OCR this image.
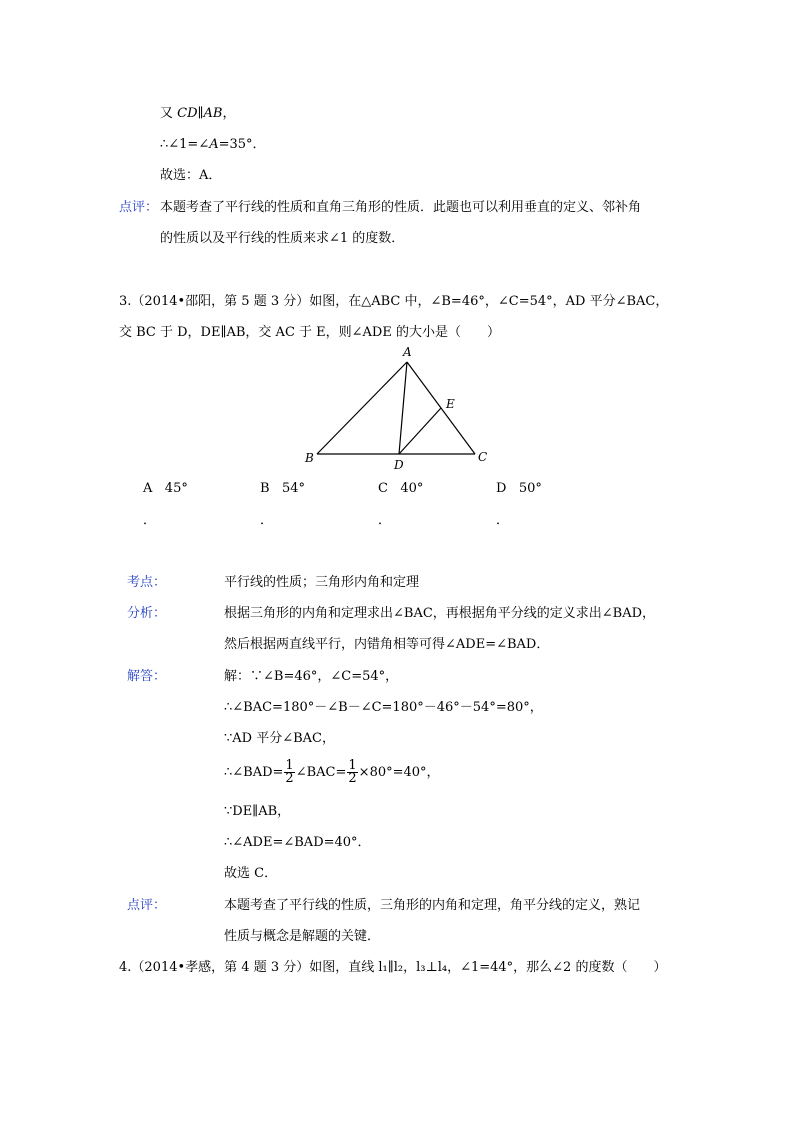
又 CD∥AB，
∴∠1=∠A=35°．
故选：A．
点评： 本题考查了平行线的性质和直角三角形的性质．此题也可以利用垂直的定义、邻补角
的性质以及平行线的性质来求∠1 的度数．
3.（2014•邵阳，第 5 题 3 分）如图，在△ABC 中，∠B=46°，∠C=54°，AD 平分∠BAC，
交 BC 于 D，DE∥AB，交 AC 于 E，则∠ADE 的大小是（　　）
A
B	C
D
E
A 45°	B 54°	C 40°	D 50°
．	．	．	．
考点：	平行线的性质；三角形内角和定理
分析：	根据三角形的内角和定理求出∠BAC，再根据角平分线的定义求出∠BAD，
然后根据两直线平行，内错角相等可得∠ADE=∠BAD．
解答：	解：∵∠B=46°，∠C=54°，
∴∠BAC=180°－∠B－∠C=180°－46°－54°=80°，
∵AD 平分∠BAC，
∴∠BAD= $\frac{1}{2}$ ∠BAC= $\frac{1}{2} \times 80^\circ=40^\circ$，
∵DE∥AB，
∴∠ADE=∠BAD=40°．
故选 C．
点评：	本题考查了平行线的性质，三角形的内角和定理，角平分线的定义，熟记
性质与概念是解题的关键．
4.（2014•孝感，第 4 题 3 分）如图，直线 l₁∥l₂，l₃⊥l₄，∠1=44°，那么∠2 的度数（　　）
